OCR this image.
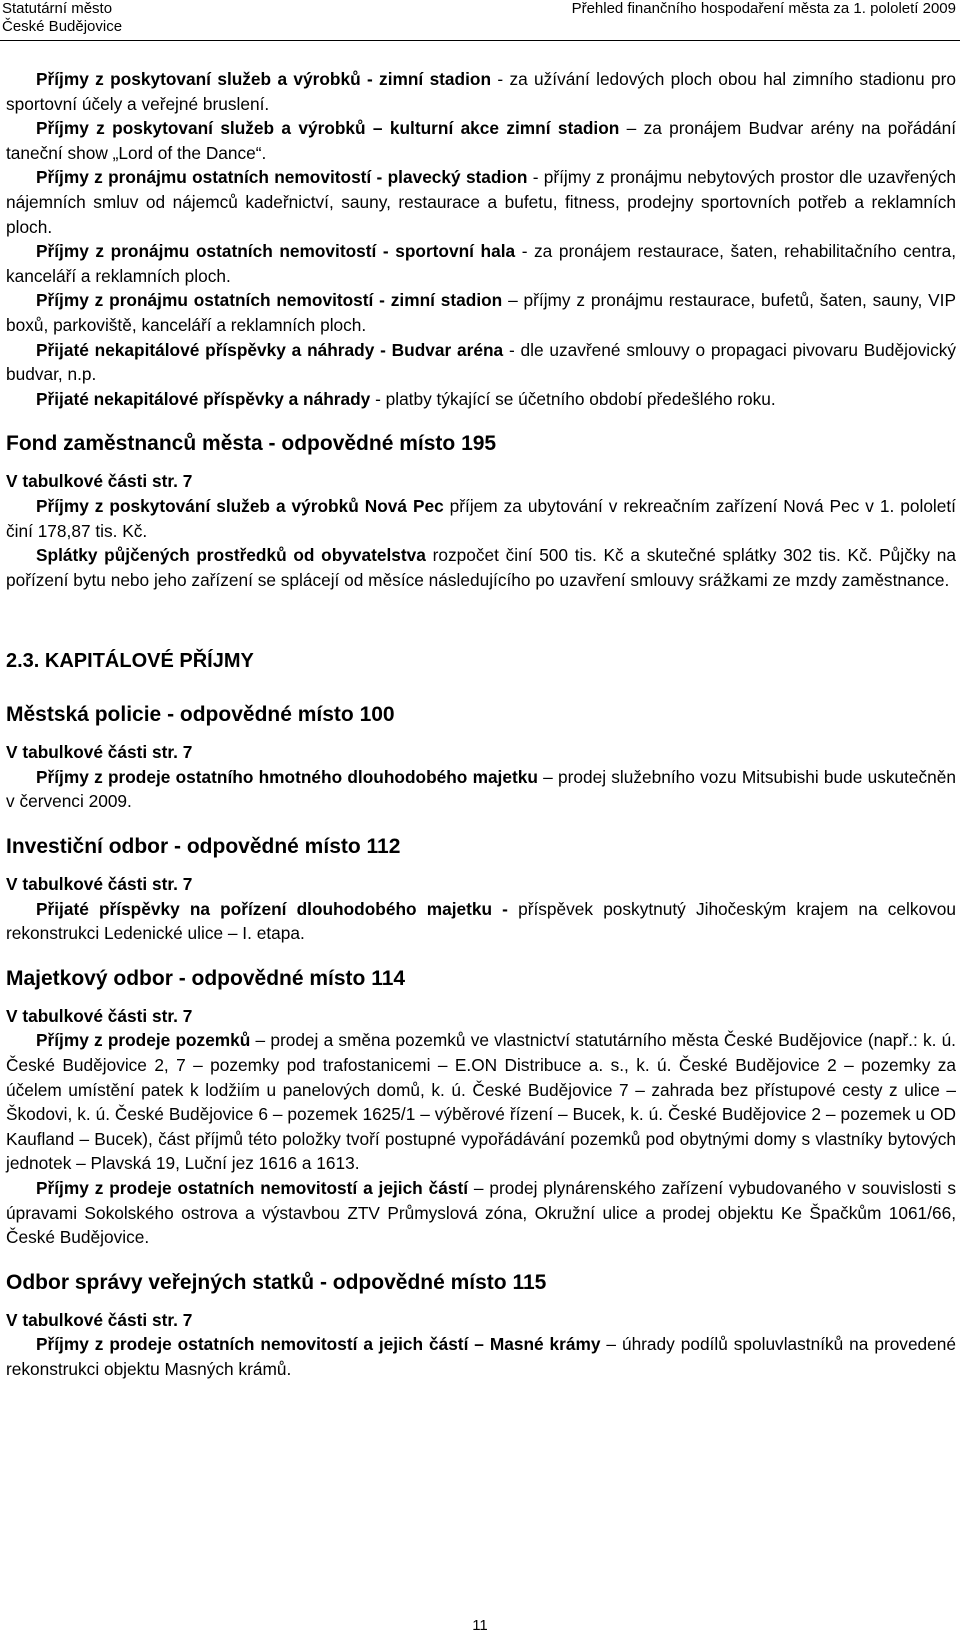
Statutární město
České Budějovice
Přehled finančního hospodaření města za 1. pololetí 2009

Příjmy z poskytovaní služeb a výrobků - zimní stadion - za užívání ledových ploch obou hal zimního stadionu pro sportovní účely a veřejné bruslení.

Příjmy z poskytovaní služeb a výrobků – kulturní akce zimní stadion – za pronájem Budvar arény na pořádání taneční show „Lord of the Dance“.

Příjmy z pronájmu ostatních nemovitostí - plavecký stadion - příjmy z pronájmu nebytových prostor dle uzavřených nájemních smluv od nájemců kadeřnictví, sauny, restaurace a bufetu, fitness, prodejny sportovních potřeb a reklamních ploch.

Příjmy z pronájmu ostatních nemovitostí - sportovní hala - za pronájem restaurace, šaten, rehabilitačního centra, kanceláří a reklamních ploch.

Příjmy z pronájmu ostatních nemovitostí - zimní stadion – příjmy z pronájmu restaurace, bufetů, šaten, sauny, VIP boxů, parkoviště, kanceláří a reklamních ploch.

Přijaté nekapitálové příspěvky a náhrady - Budvar aréna - dle uzavřené smlouvy o propagaci pivovaru Budějovický budvar, n.p.

Přijaté nekapitálové příspěvky a náhrady - platby týkající se účetního období předešlého roku.

Fond zaměstnanců města - odpovědné místo 195

V tabulkové části str. 7

Příjmy z poskytování služeb a výrobků Nová Pec příjem za ubytování v rekreačním zařízení Nová Pec v 1. pololetí činí 178,87 tis. Kč.

Splátky půjčených prostředků od obyvatelstva rozpočet činí 500 tis. Kč a skutečné splátky 302 tis. Kč. Půjčky na pořízení bytu nebo jeho zařízení se splácejí od měsíce následujícího po uzavření smlouvy srážkami ze mzdy zaměstnance.

2.3. KAPITÁLOVÉ PŘÍJMY
Městská policie - odpovědné místo 100

V tabulkové části str. 7

Příjmy z prodeje ostatního hmotného dlouhodobého majetku – prodej služebního vozu Mitsubishi bude uskutečněn v červenci 2009.

Investiční odbor - odpovědné místo 112

V tabulkové části str. 7

Přijaté příspěvky na pořízení dlouhodobého majetku - příspěvek poskytnutý Jihočeským krajem na celkovou rekonstrukci Ledenické ulice – I. etapa.

Majetkový odbor - odpovědné místo 114

V tabulkové části str. 7

Příjmy z prodeje pozemků – prodej a směna pozemků ve vlastnictví statutárního města České Budějovice (např.: k. ú. České Budějovice 2, 7 – pozemky pod trafostanicemi – E.ON Distribuce a. s., k. ú. České Budějovice 2 – pozemky za účelem umístění patek k lodžiím u panelových domů, k. ú. České Budějovice 7 – zahrada bez přístupové cesty z ulice – Škodovi, k. ú. České Budějovice 6 – pozemek 1625/1 – výběrové řízení – Bucek, k. ú. České Budějovice 2 – pozemek u OD Kaufland – Bucek), část příjmů této položky tvoří postupné vypořádávání pozemků pod obytnými domy s vlastníky bytových jednotek – Plavská 19, Luční jez 1616 a 1613.

Příjmy z prodeje ostatních nemovitostí a jejich částí – prodej plynárenského zařízení vybudovaného v souvislosti s úpravami Sokolského ostrova a výstavbou ZTV Průmyslová zóna, Okružní ulice a prodej objektu Ke Špačkům 1061/66, České Budějovice.

Odbor správy veřejných statků - odpovědné místo 115

V tabulkové části str. 7

Příjmy z prodeje ostatních nemovitostí a jejich částí – Masné krámy – úhrady podílů spoluvlastníků na provedené rekonstrukci objektu Masných krámů.

11
